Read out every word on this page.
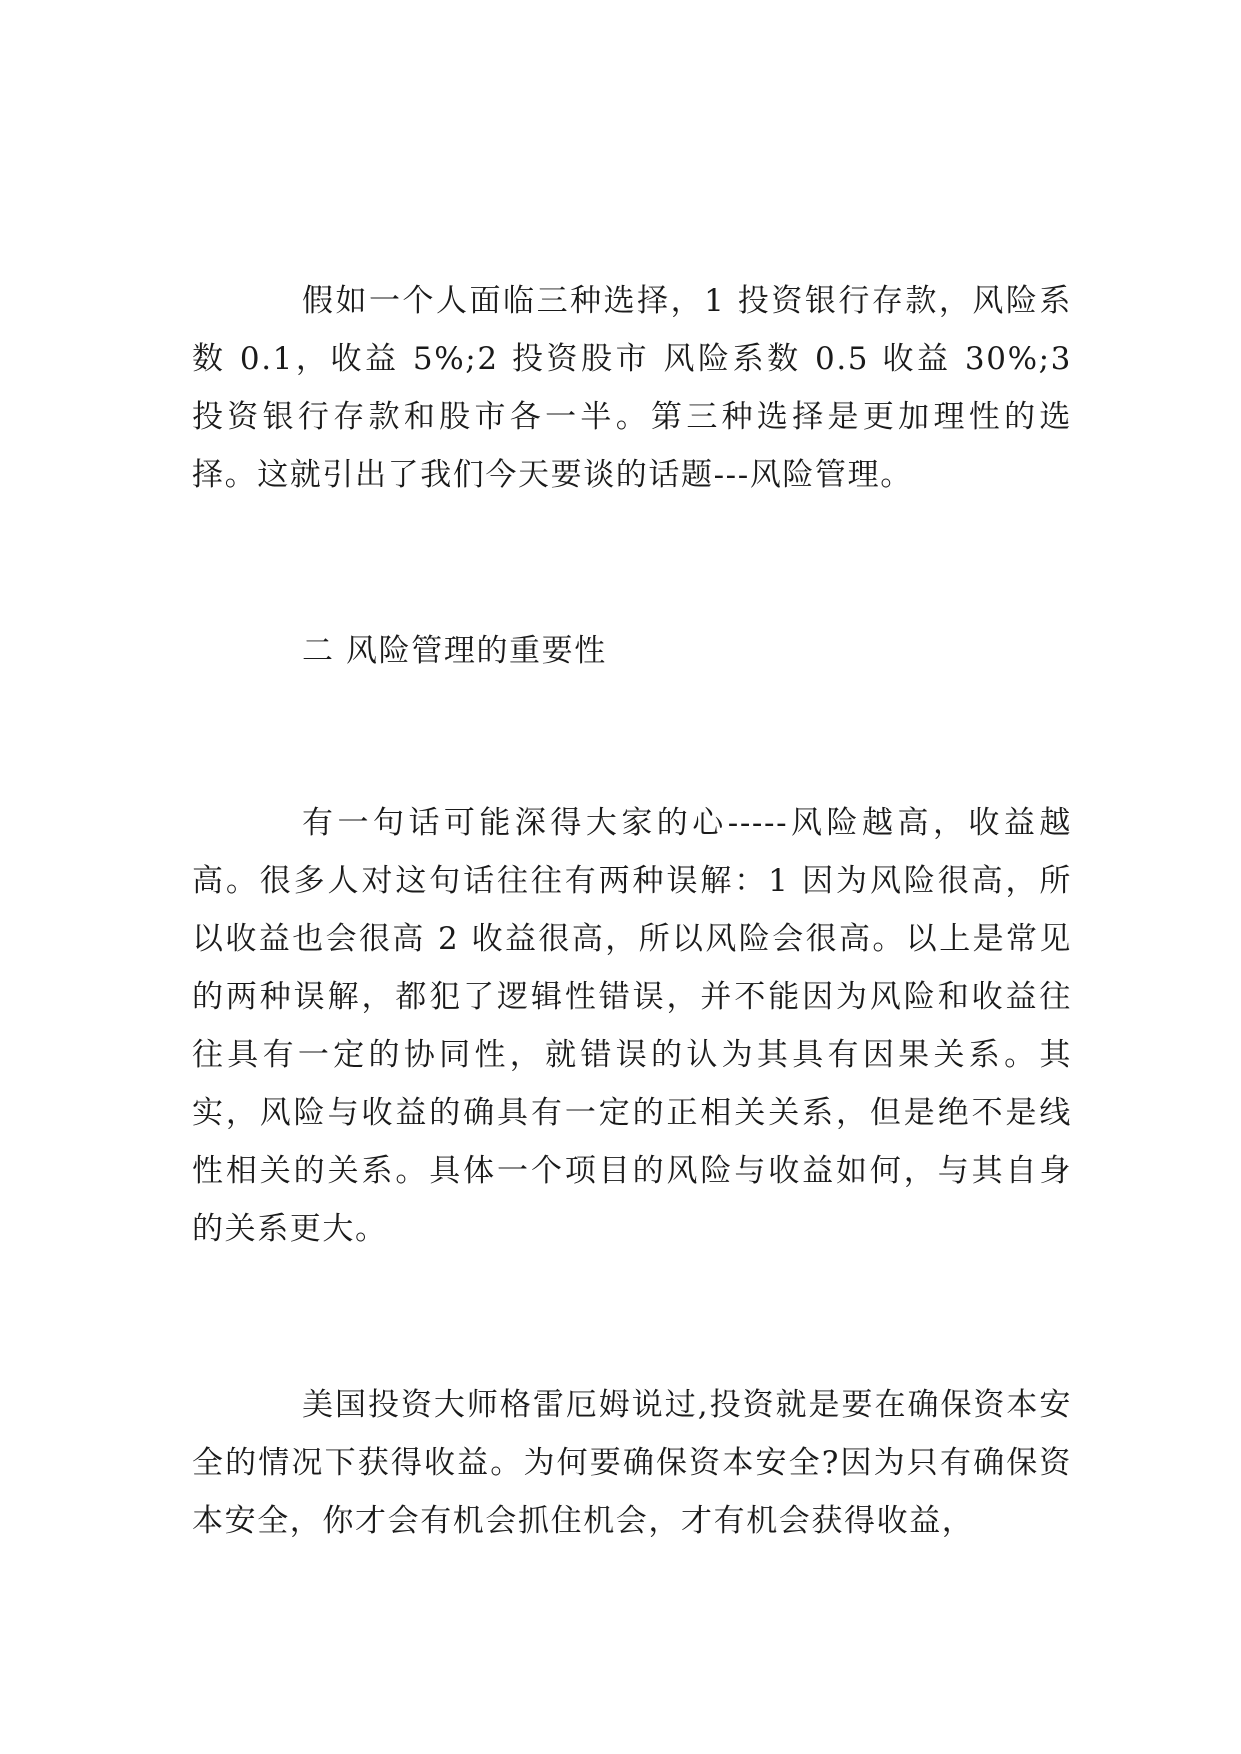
假如一个人面临三种选择，1 投资银行存款，风险系数 0.1，收益 5%;2 投资股市 风险系数 0.5 收益 30%;3 投资银行存款和股市各一半。第三种选择是更加理性的选择。这就引出了我们今天要谈的话题---风险管理。

二 风险管理的重要性

有一句话可能深得大家的心-----风险越高，收益越高。很多人对这句话往往有两种误解：1 因为风险很高，所以收益也会很高 2 收益很高，所以风险会很高。以上是常见的两种误解，都犯了逻辑性错误，并不能因为风险和收益往往具有一定的协同性，就错误的认为其具有因果关系。其实，风险与收益的确具有一定的正相关关系，但是绝不是线性相关的关系。具体一个项目的风险与收益如何，与其自身的关系更大。

美国投资大师格雷厄姆说过,投资就是要在确保资本安全的情况下获得收益。为何要确保资本安全?因为只有确保资本安全，你才会有机会抓住机会，才有机会获得收益，
